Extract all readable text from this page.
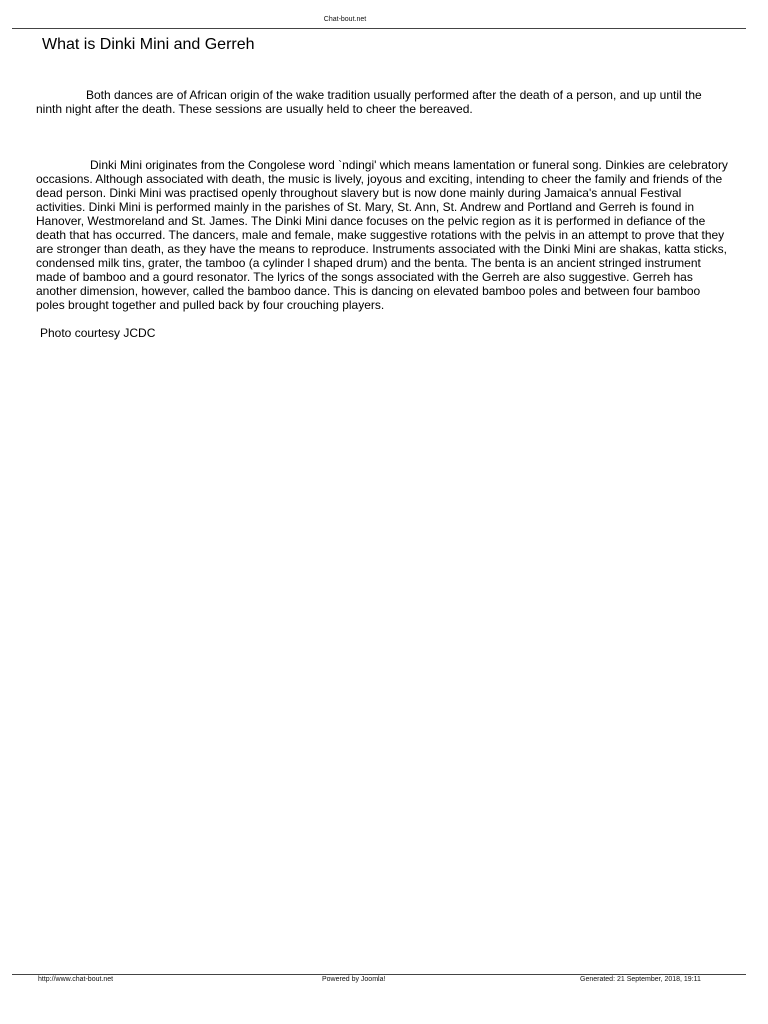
Chat-bout.net
What is Dinki Mini and Gerreh

Both dances are of African origin of the wake tradition usually performed after the death of a person, and up until the ninth night after the death. These sessions are usually held to cheer the bereaved.

Dinki Mini originates from the Congolese word `ndingi' which means lamentation or funeral song. Dinkies are celebratory occasions. Although associated with death, the music is lively, joyous and exciting, intending to cheer the family and friends of the dead person. Dinki Mini was practised openly throughout slavery but is now done mainly during Jamaica's annual Festival activities. Dinki Mini is performed mainly in the parishes of St. Mary, St. Ann, St. Andrew and Portland and Gerreh is found in Hanover, Westmoreland and St. James. The Dinki Mini dance focuses on the pelvic region as it is performed in defiance of the death that has occurred. The dancers, male and female, make suggestive rotations with the pelvis in an attempt to prove that they are stronger than death, as they have the means to reproduce. Instruments associated with the Dinki Mini are shakas, katta sticks, condensed milk tins, grater, the tamboo (a cylinder l shaped drum) and the benta. The benta is an ancient stringed instrument made of bamboo and a gourd resonator. The lyrics of the songs associated with the Gerreh are also suggestive. Gerreh has another dimension, however, called the bamboo dance. This is dancing on elevated bamboo poles and between four bamboo poles brought together and pulled back by four crouching players.

Photo courtesy JCDC

http://www.chat-bout.net	Powered by Joomla!	Generated: 21 September, 2018, 19:11
